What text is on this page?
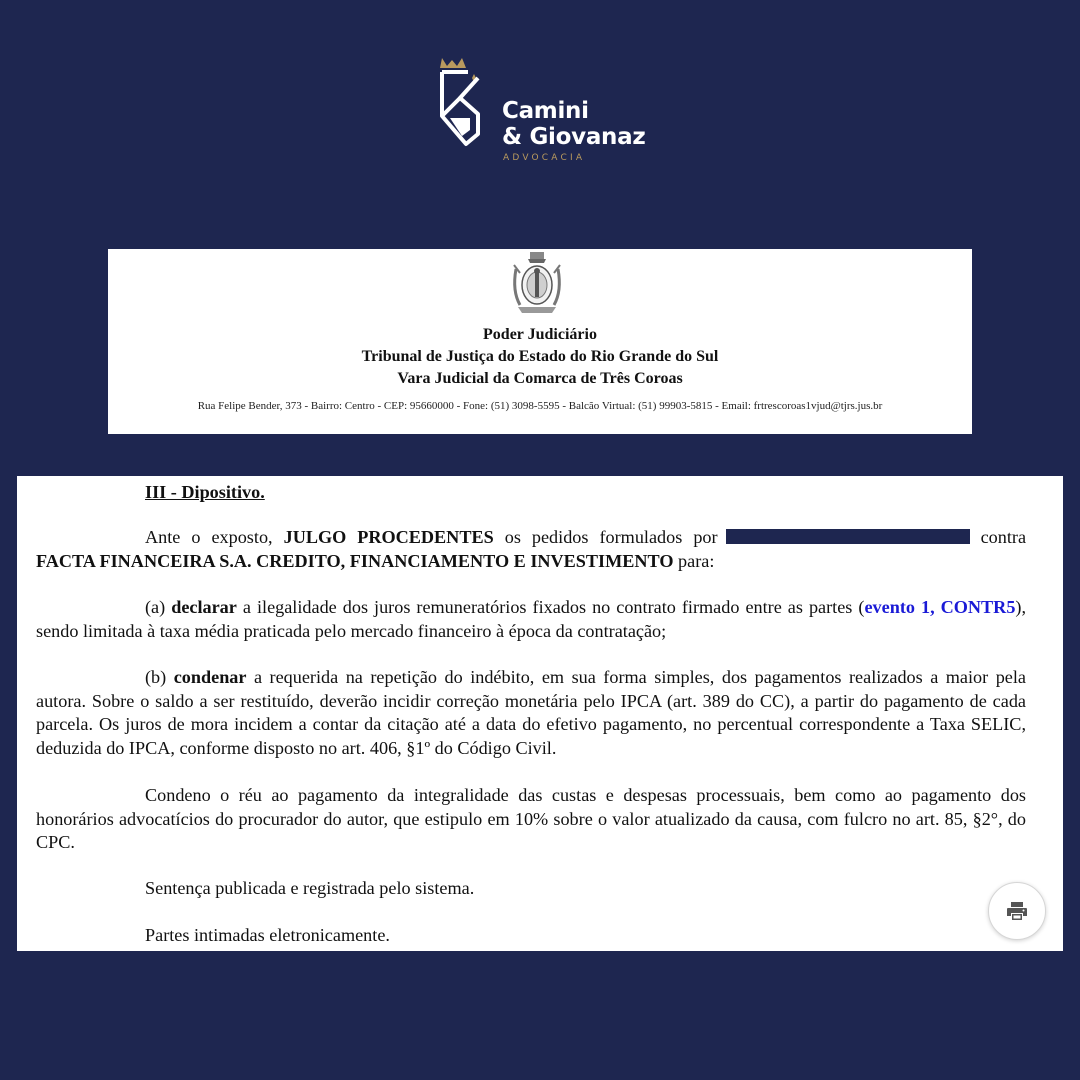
Camini
& Giovanaz
ADVOCACIA
Poder Judiciário
Tribunal de Justiça do Estado do Rio Grande do Sul
Vara Judicial da Comarca de Três Coroas
Rua Felipe Bender, 373 - Bairro: Centro - CEP: 95660000 - Fone: (51) 3098-5595 - Balcão Virtual: (51) 99903-5815 - Email: frtrescoroas1vjud@tjrs.jus.br
III - Dipositivo.
Ante o exposto, JULGO PROCEDENTES os pedidos formulados por	contra FACTA FINANCEIRA S.A. CREDITO, FINANCIAMENTO E INVESTIMENTO para:
(a) declarar a ilegalidade dos juros remuneratórios fixados no contrato firmado entre as partes (evento 1, CONTR5), sendo limitada à taxa média praticada pelo mercado financeiro à época da contratação;
(b) condenar a requerida na repetição do indébito, em sua forma simples, dos pagamentos realizados a maior pela autora. Sobre o saldo a ser restituído, deverão incidir correção monetária pelo IPCA (art. 389 do CC), a partir do pagamento de cada parcela. Os juros de mora incidem a contar da citação até a data do efetivo pagamento, no percentual correspondente a Taxa SELIC, deduzida do IPCA, conforme disposto no art. 406, §1º do Código Civil.
Condeno o réu ao pagamento da integralidade das custas e despesas processuais, bem como ao pagamento dos honorários advocatícios do procurador do autor, que estipulo em 10% sobre o valor atualizado da causa, com fulcro no art. 85, §2°, do CPC.
Sentença publicada e registrada pelo sistema.
Partes intimadas eletronicamente.
